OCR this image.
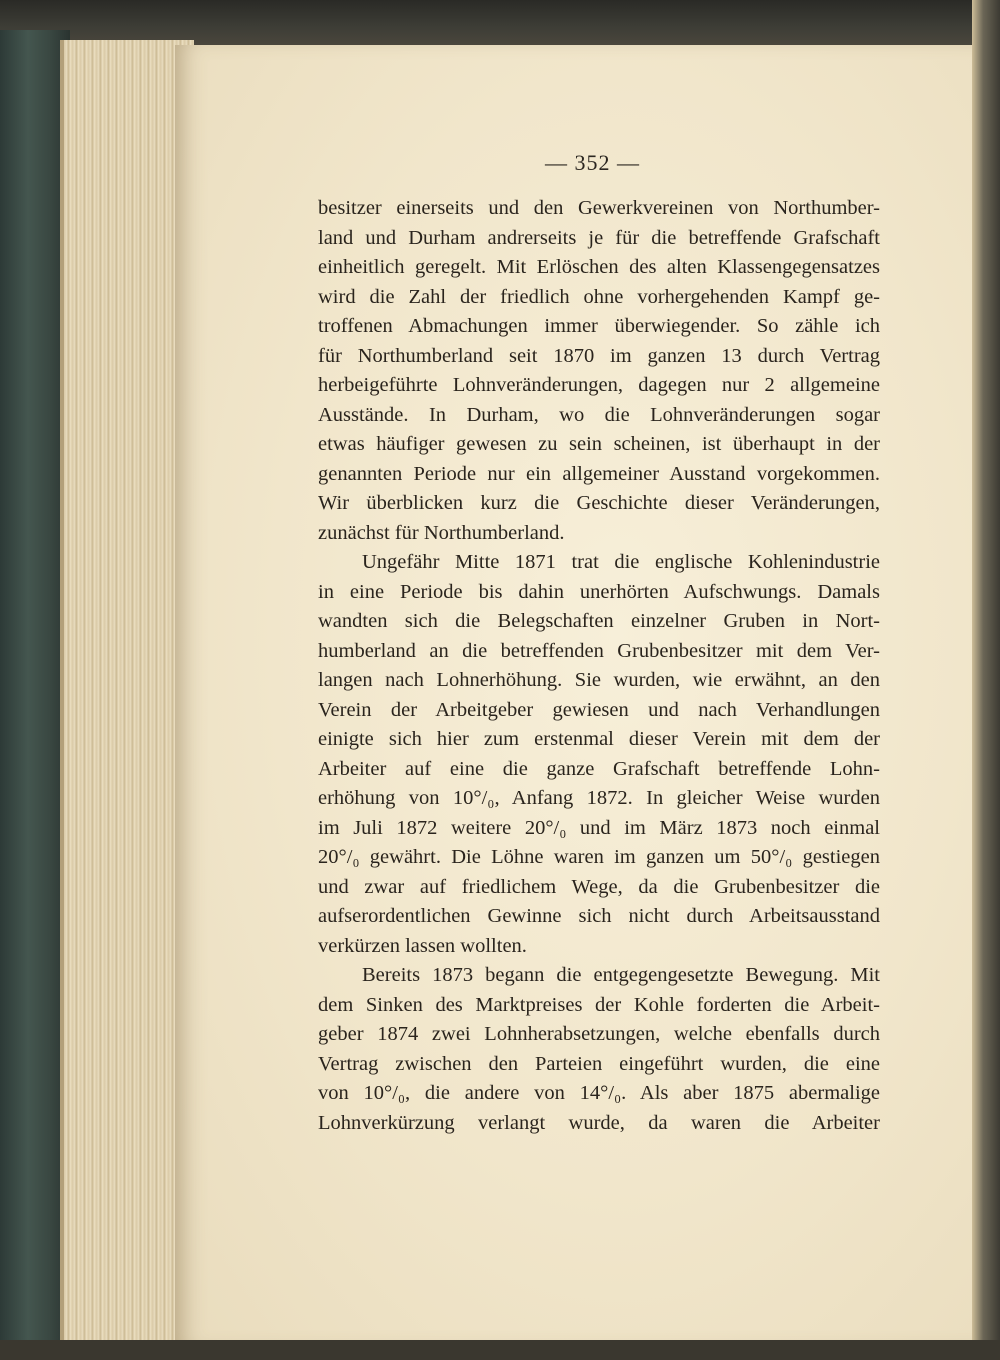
— 352 —
besitzer einerseits und den Gewerkvereinen von Northumber-
land und Durham andrerseits je für die betreffende Grafschaft
einheitlich geregelt. Mit Erlöschen des alten Klassengegensatzes
wird die Zahl der friedlich ohne vorhergehenden Kampf ge-
troffenen Abmachungen immer überwiegender. So zähle ich
für Northumberland seit 1870 im ganzen 13 durch Vertrag
herbeigeführte Lohnveränderungen, dagegen nur 2 allgemeine
Ausstände. In Durham, wo die Lohnveränderungen sogar
etwas häufiger gewesen zu sein scheinen, ist überhaupt in der
genannten Periode nur ein allgemeiner Ausstand vorgekommen.
Wir überblicken kurz die Geschichte dieser Veränderungen,
zunächst für Northumberland.
Ungefähr Mitte 1871 trat die englische Kohlenindustrie
in eine Periode bis dahin unerhörten Aufschwungs. Damals
wandten sich die Belegschaften einzelner Gruben in Nort-
humberland an die betreffenden Grubenbesitzer mit dem Ver-
langen nach Lohnerhöhung. Sie wurden, wie erwähnt, an den
Verein der Arbeitgeber gewiesen und nach Verhandlungen
einigte sich hier zum erstenmal dieser Verein mit dem der
Arbeiter auf eine die ganze Grafschaft betreffende Lohn-
erhöhung von 10°/₀, Anfang 1872. In gleicher Weise wurden
im Juli 1872 weitere 20°/₀ und im März 1873 noch einmal
20°/₀ gewährt. Die Löhne waren im ganzen um 50°/₀ gestiegen
und zwar auf friedlichem Wege, da die Grubenbesitzer die
aufserordentlichen Gewinne sich nicht durch Arbeitsausstand
verkürzen lassen wollten.
Bereits 1873 begann die entgegengesetzte Bewegung. Mit
dem Sinken des Marktpreises der Kohle forderten die Arbeit-
geber 1874 zwei Lohnherabsetzungen, welche ebenfalls durch
Vertrag zwischen den Parteien eingeführt wurden, die eine
von 10°/₀, die andere von 14°/₀. Als aber 1875 abermalige
Lohnverkürzung verlangt wurde, da waren die Arbeiter
